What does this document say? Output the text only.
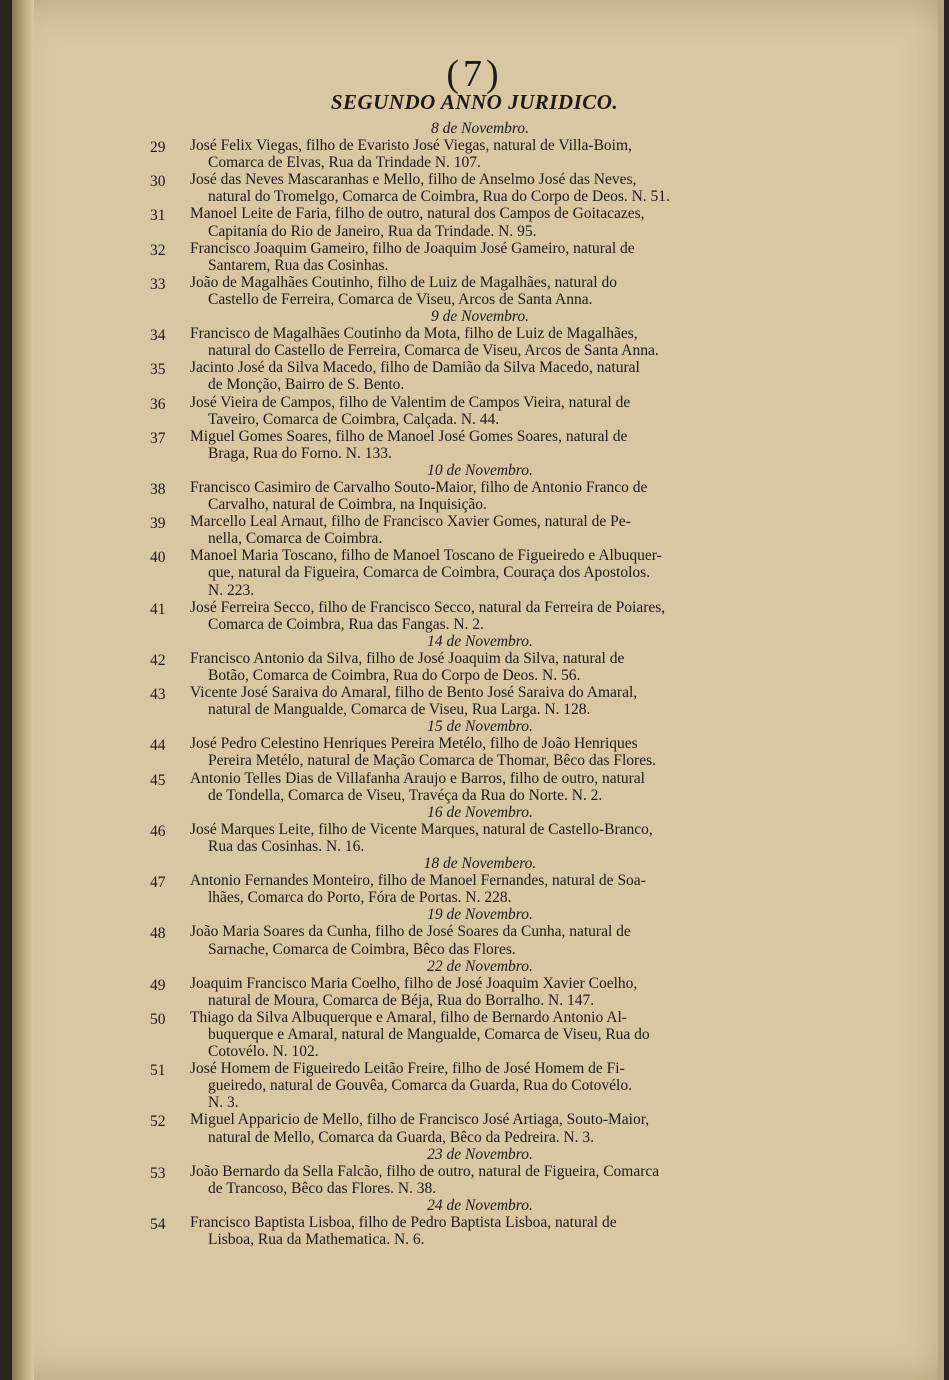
(7)
SEGUNDO ANNO JURIDICO.
8 de Novembro.
29	José Felix Viegas, filho de Evaristo José Viegas, natural de Villa-Boim,
Comarca de Elvas, Rua da Trindade N. 107.
30	José das Neves Mascaranhas e Mello, filho de Anselmo José das Neves,
natural do Tromelgo, Comarca de Coimbra, Rua do Corpo de Deos. N. 51.
31	Manoel Leite de Faria, filho de outro, natural dos Campos de Goitacazes,
Capitanía do Rio de Janeiro, Rua da Trindade. N. 95.
32	Francisco Joaquim Gameiro, filho de Joaquim José Gameiro, natural de
Santarem, Rua das Cosinhas.
33	João de Magalhães Coutinho, filho de Luiz de Magalhães, natural do
Castello de Ferreira, Comarca de Viseu, Arcos de Santa Anna.
9 de Novembro.
34	Francisco de Magalhães Coutinho da Mota, filho de Luiz de Magalhães,
natural do Castello de Ferreira, Comarca de Viseu, Arcos de Santa Anna.
35	Jacinto José da Silva Macedo, filho de Damião da Silva Macedo, natural
de Monção, Bairro de S. Bento.
36	José Vieira de Campos, filho de Valentim de Campos Vieira, natural de
Taveiro, Comarca de Coimbra, Calçada. N. 44.
37	Miguel Gomes Soares, filho de Manoel José Gomes Soares, natural de
Braga, Rua do Forno. N. 133.
10 de Novembro.
38	Francisco Casimiro de Carvalho Souto-Maior, filho de Antonio Franco de
Carvalho, natural de Coimbra, na Inquisição.
39	Marcello Leal Arnaut, filho de Francisco Xavier Gomes, natural de Pe-
nella, Comarca de Coimbra.
40	Manoel Maria Toscano, filho de Manoel Toscano de Figueiredo e Albuquer-
que, natural da Figueira, Comarca de Coimbra, Couraça dos Apostolos.
N. 223.
41	José Ferreira Secco, filho de Francisco Secco, natural da Ferreira de Poiares,
Comarca de Coimbra, Rua das Fangas. N. 2.
14 de Novembro.
42	Francisco Antonio da Silva, filho de José Joaquim da Silva, natural de
Botão, Comarca de Coimbra, Rua do Corpo de Deos. N. 56.
43	Vicente José Saraiva do Amaral, filho de Bento José Saraiva do Amaral,
natural de Mangualde, Comarca de Viseu, Rua Larga. N. 128.
15 de Novembro.
44	José Pedro Celestino Henriques Pereira Metélo, filho de João Henriques
Pereira Metélo, natural de Mação Comarca de Thomar, Bêco das Flores.
45	Antonio Telles Dias de Villafanha Araujo e Barros, filho de outro, natural
de Tondella, Comarca de Viseu, Travéça da Rua do Norte. N. 2.
16 de Novembro.
46	José Marques Leite, filho de Vicente Marques, natural de Castello-Branco,
Rua das Cosinhas. N. 16.
18 de Novembero.
47	Antonio Fernandes Monteiro, filho de Manoel Fernandes, natural de Soa-
lhães, Comarca do Porto, Fóra de Portas. N. 228.
19 de Novembro.
48	João Maria Soares da Cunha, filho de José Soares da Cunha, natural de
Sarnache, Comarca de Coimbra, Bêco das Flores.
22 de Novembro.
49	Joaquim Francisco Maria Coelho, filho de José Joaquim Xavier Coelho,
natural de Moura, Comarca de Béja, Rua do Borralho. N. 147.
50	Thiago da Silva Albuquerque e Amaral, filho de Bernardo Antonio Al-
buquerque e Amaral, natural de Mangualde, Comarca de Viseu, Rua do
Cotovélo. N. 102.
51	José Homem de Figueiredo Leitão Freire, filho de José Homem de Fi-
gueiredo, natural de Gouvêa, Comarca da Guarda, Rua do Cotovélo.
N. 3.
52	Miguel Apparicio de Mello, filho de Francisco José Artiaga, Souto-Maior,
natural de Mello, Comarca da Guarda, Bêco da Pedreira. N. 3.
23 de Novembro.
53	João Bernardo da Sella Falcão, filho de outro, natural de Figueira, Comarca
de Trancoso, Bêco das Flores. N. 38.
24 de Novembro.
54	Francisco Baptista Lisboa, filho de Pedro Baptista Lisboa, natural de
Lisboa, Rua da Mathematica. N. 6.
